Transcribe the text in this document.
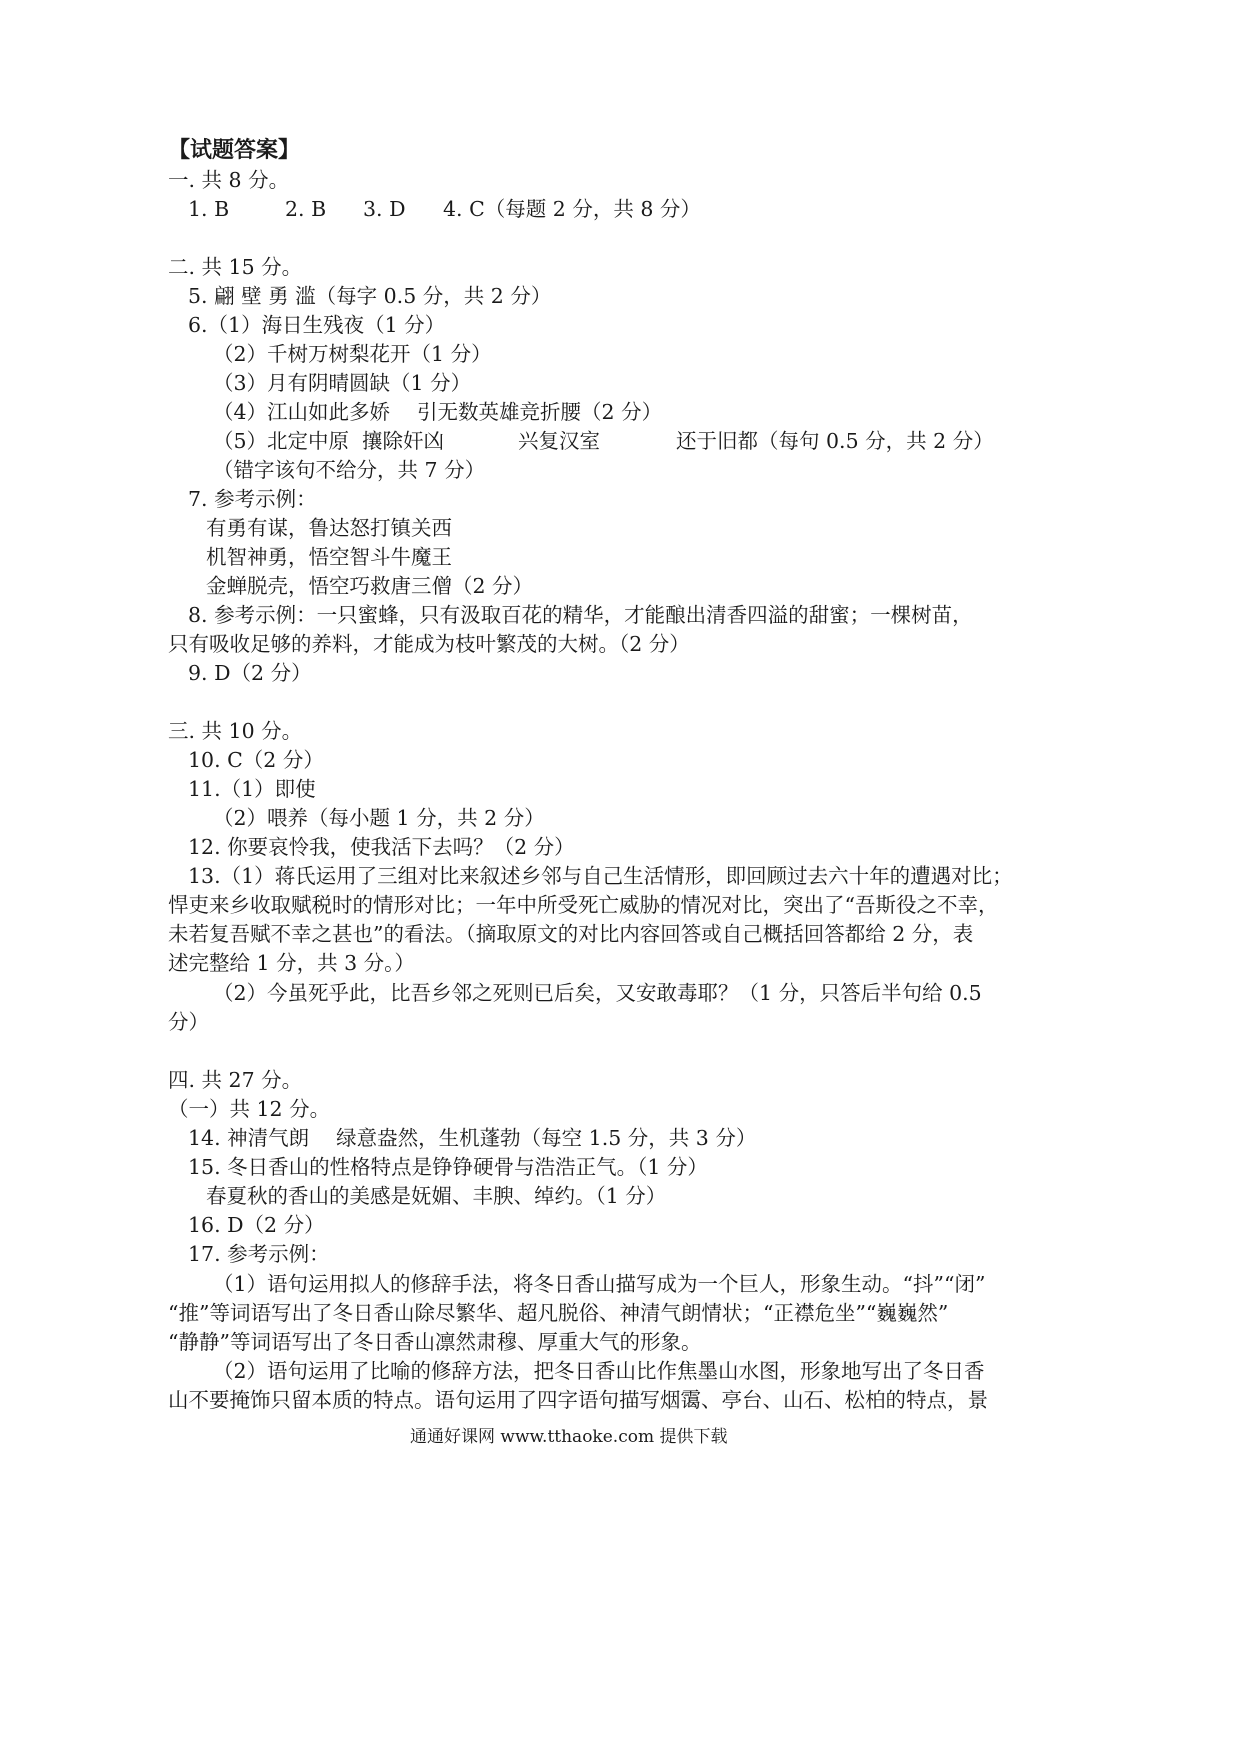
【试题答案】
一. 共 8 分。
1. B	2. B 3. D 4. C（每题 2 分，共 8 分）
二. 共 15 分。
5. 翩 壁 勇 滥（每字 0.5 分，共 2 分）
6.（1）海日生残夜（1 分）
（2）千树万树梨花开（1 分）
（3）月有阴晴圆缺（1 分）
（4）江山如此多娇　 引无数英雄竞折腰（2 分）
（5）北定中原 攘除奸凶	兴复汉室	还于旧都（每句 0.5 分，共 2 分）
（错字该句不给分，共 7 分）
7. 参考示例：
有勇有谋，鲁达怒打镇关西
机智神勇，悟空智斗牛魔王
金蝉脱壳，悟空巧救唐三僧（2 分）
8. 参考示例：一只蜜蜂，只有汲取百花的精华，才能酿出清香四溢的甜蜜；一棵树苗，
只有吸收足够的养料，才能成为枝叶繁茂的大树。（2 分）
9. D（2 分）
三. 共 10 分。
10. C（2 分）
11.（1）即使
（2）喂养（每小题 1 分，共 2 分）
12. 你要哀怜我，使我活下去吗？（2 分）
13.（1）蒋氏运用了三组对比来叙述乡邻与自己生活情形，即回顾过去六十年的遭遇对比；
悍吏来乡收取赋税时的情形对比；一年中所受死亡威胁的情况对比，突出了“吾斯役之不幸，
未若复吾赋不幸之甚也”的看法。（摘取原文的对比内容回答或自己概括回答都给 2 分，表
述完整给 1 分，共 3 分。）
（2）今虽死乎此，比吾乡邻之死则已后矣，又安敢毒耶？（1 分，只答后半句给 0.5
分）
四. 共 27 分。
（一）共 12 分。
14. 神清气朗　 绿意盎然，生机蓬勃（每空 1.5 分，共 3 分）
15. 冬日香山的性格特点是铮铮硬骨与浩浩正气。（1 分）
春夏秋的香山的美感是妩媚、丰腴、绰约。（1 分）
16. D（2 分）
17. 参考示例：
（1）语句运用拟人的修辞手法，将冬日香山描写成为一个巨人，形象生动。“抖”“闭”
“推”等词语写出了冬日香山除尽繁华、超凡脱俗、神清气朗情状；“正襟危坐”“巍巍然”
“静静”等词语写出了冬日香山凛然肃穆、厚重大气的形象。
（2）语句运用了比喻的修辞方法，把冬日香山比作焦墨山水图，形象地写出了冬日香
山不要掩饰只留本质的特点。语句运用了四字语句描写烟霭、亭台、山石、松柏的特点，景
通通好课网 www.tthaoke.com 提供下载
